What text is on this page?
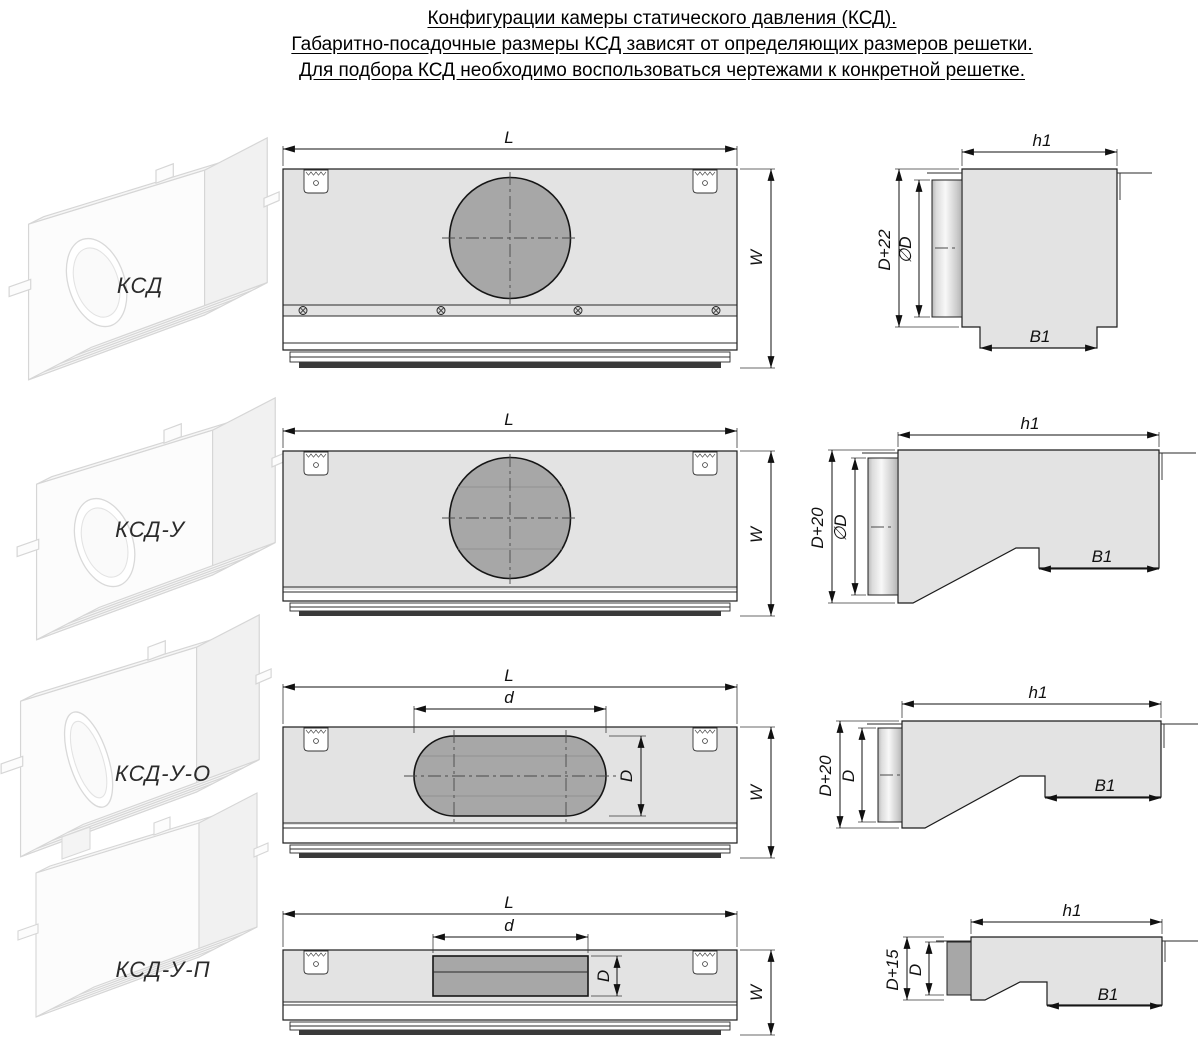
Конфигурации камеры статического давления (КСД).
Габаритно-посадочные размеры КСД зависят от определяющих размеров решетки.
Для подбора КСД необходимо воспользоваться чертежами к конкретной решетке.
КСД
L
W
h1
D+22 ∅D
B1
КСД-У
L
W
h1
D+20 ∅D
B1
КСД-У-О
L
d
D
W
h1
D+20 D	B1
КСД-У-П
L
d
D
W
h1
D+15 D
B1
